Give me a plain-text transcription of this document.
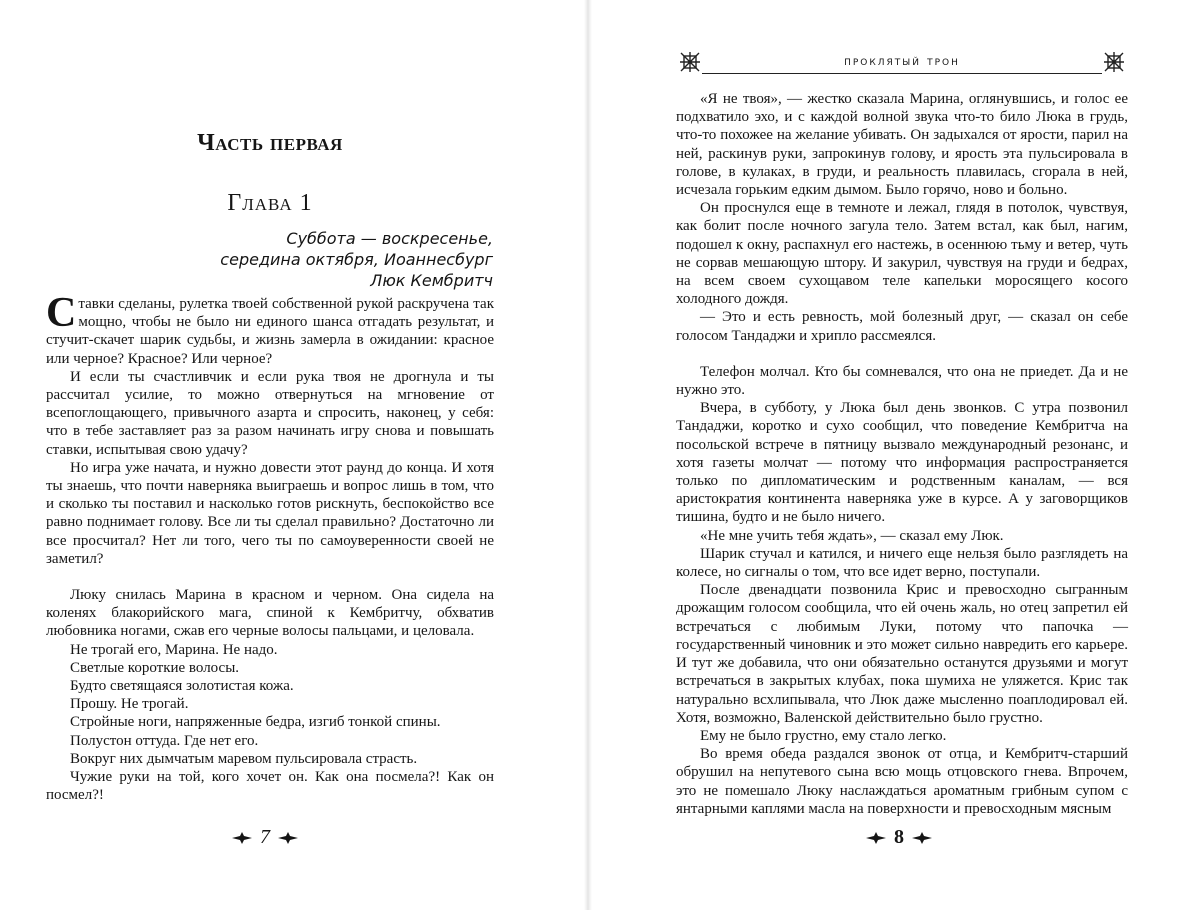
Часть первая
Глава 1
Суббота — воскресенье,
середина октября, Иоаннесбург
Люк Кембритч

Ставки сделаны, рулетка твоей собственной рукой раскручена так мощно, чтобы не было ни единого шанса отгадать результат, и стучит-скачет шарик судьбы, и жизнь замерла в ожидании: красное или черное? Красное? Или черное?

И если ты счастливчик и если рука твоя не дрогнула и ты рассчитал усилие, то можно отвернуться на мгновение от всепоглощающего, привычного азарта и спросить, наконец, у себя: что в тебе заставляет раз за разом начинать игру снова и повышать ставки, испытывая свою удачу?

Но игра уже начата, и нужно довести этот раунд до конца. И хотя ты знаешь, что почти наверняка выиграешь и вопрос лишь в том, что и сколько ты поставил и насколько готов рискнуть, беспокойство все равно поднимает голову. Все ли ты сделал правильно? Достаточно ли все просчитал? Нет ли того, чего ты по самоуверенности своей не заметил?

Люку снилась Марина в красном и черном. Она сидела на коленях блакорийского мага, спиной к Кембритчу, обхватив любовника ногами, сжав его черные волосы пальцами, и целовала.

Не трогай его, Марина. Не надо.

Светлые короткие волосы.

Будто светящаяся золотистая кожа.

Прошу. Не трогай.

Стройные ноги, напряженные бедра, изгиб тонкой спины.

Полустон оттуда. Где нет его.

Вокруг них дымчатым маревом пульсировала страсть.

Чужие руки на той, кого хочет он. Как она посмела?! Как он посмел?!

7
проклятый трон

«Я не твоя», — жестко сказала Марина, оглянувшись, и голос ее подхватило эхо, и с каждой волной звука что-то било Люка в грудь, что-то похожее на желание убивать. Он задыхался от ярости, парил на ней, раскинув руки, запрокинув голову, и ярость эта пульсировала в голове, в кулаках, в груди, и реальность плавилась, сгорала в ней, исчезала горьким едким дымом. Было горячо, ново и больно.

Он проснулся еще в темноте и лежал, глядя в потолок, чувствуя, как болит после ночного загула тело. Затем встал, как был, нагим, подошел к окну, распахнул его настежь, в осеннюю тьму и ветер, чуть не сорвав мешающую штору. И закурил, чувствуя на груди и бедрах, на всем своем сухощавом теле капельки моросящего косого холодного дождя.

— Это и есть ревность, мой болезный друг, — сказал он себе голосом Тандаджи и хрипло рассмеялся.

Телефон молчал. Кто бы сомневался, что она не приедет. Да и не нужно это.

Вчера, в субботу, у Люка был день звонков. С утра позвонил Тандаджи, коротко и сухо сообщил, что поведение Кембритча на посольской встрече в пятницу вызвало международный резонанс, и хотя газеты молчат — потому что информация распространяется только по дипломатическим и родственным каналам, — вся аристократия континента наверняка уже в курсе. А у заговорщиков тишина, будто и не было ничего.

«Не мне учить тебя ждать», — сказал ему Люк.

Шарик стучал и катился, и ничего еще нельзя было разглядеть на колесе, но сигналы о том, что все идет верно, поступали.

После двенадцати позвонила Крис и превосходно сыгранным дрожащим голосом сообщила, что ей очень жаль, но отец запретил ей встречаться с любимым Луки, потому что папочка — государственный чиновник и это может сильно навредить его карьере. И тут же добавила, что они обязательно останутся друзьями и могут встречаться в закрытых клубах, пока шумиха не уляжется. Крис так натурально всхлипывала, что Люк даже мысленно поаплодировал ей. Хотя, возможно, Валенской действительно было грустно.

Ему не было грустно, ему стало легко.

Во время обеда раздался звонок от отца, и Кембритч-старший обрушил на непутевого сына всю мощь отцовского гнева. Впрочем, это не помешало Люку наслаждаться ароматным грибным супом с янтарными каплями масла на поверхности и превосходным мясным

8
